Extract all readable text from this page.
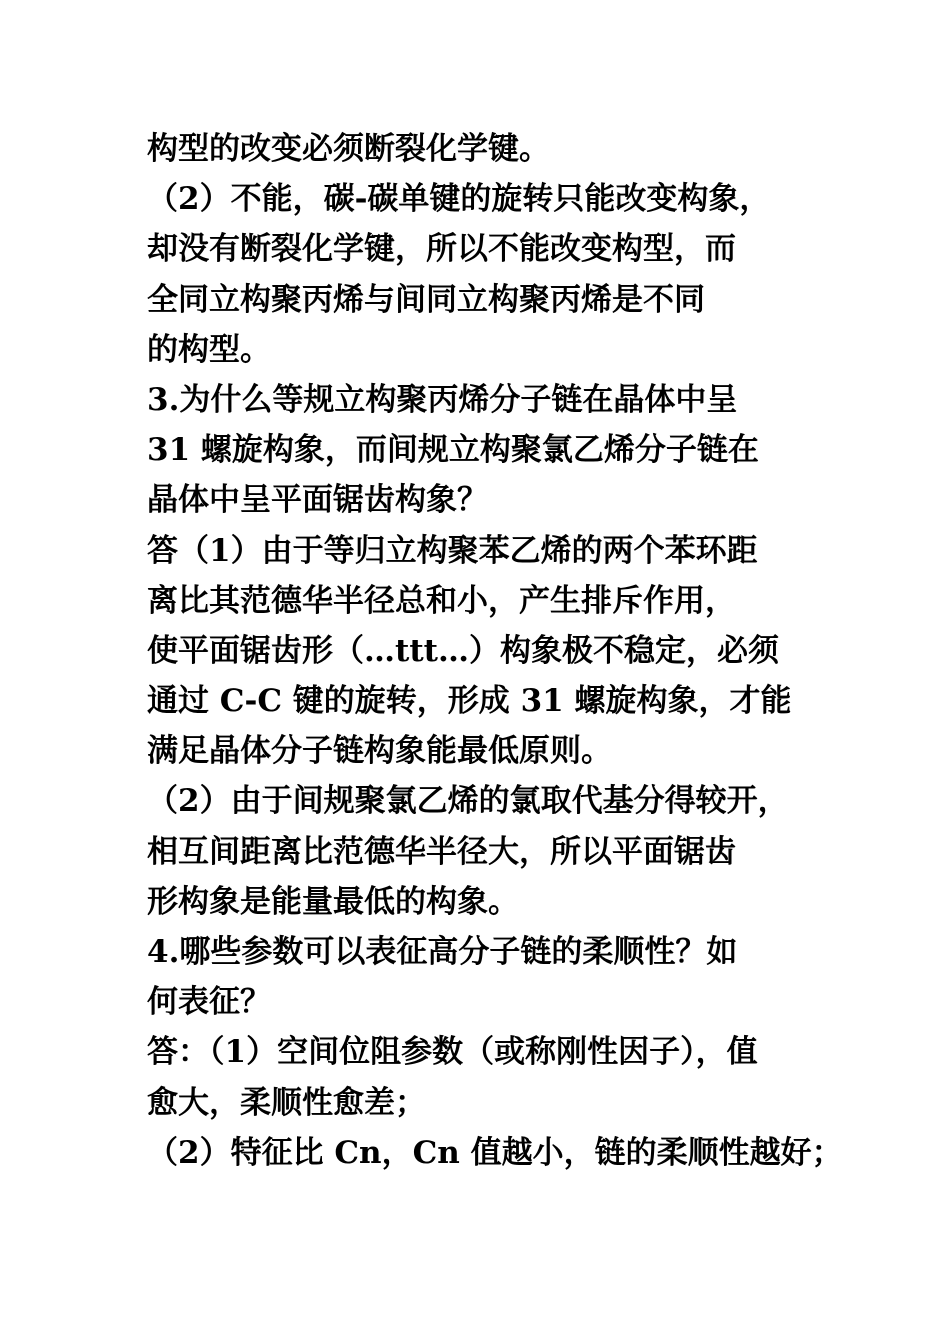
构型的改变必须断裂化学键。
（2）不能，碳-碳单键的旋转只能改变构象，
却没有断裂化学键，所以不能改变构型，而
全同立构聚丙烯与间同立构聚丙烯是不同
的构型。
3.为什么等规立构聚丙烯分子链在晶体中呈
31 螺旋构象，而间规立构聚氯乙烯分子链在
晶体中呈平面锯齿构象？
答（1）由于等归立构聚苯乙烯的两个苯环距
离比其范德华半径总和小，产生排斥作用，
使平面锯齿形（…ttt…）构象极不稳定，必须
通过 C-C 键的旋转，形成 31 螺旋构象，才能
满足晶体分子链构象能最低原则。
（2）由于间规聚氯乙烯的氯取代基分得较开，
相互间距离比范德华半径大，所以平面锯齿
形构象是能量最低的构象。
4.哪些参数可以表征高分子链的柔顺性？如
何表征？
答：（1）空间位阻参数（或称刚性因子），值
愈大，柔顺性愈差；
（2）特征比 Cn，Cn 值越小，链的柔顺性越好；
